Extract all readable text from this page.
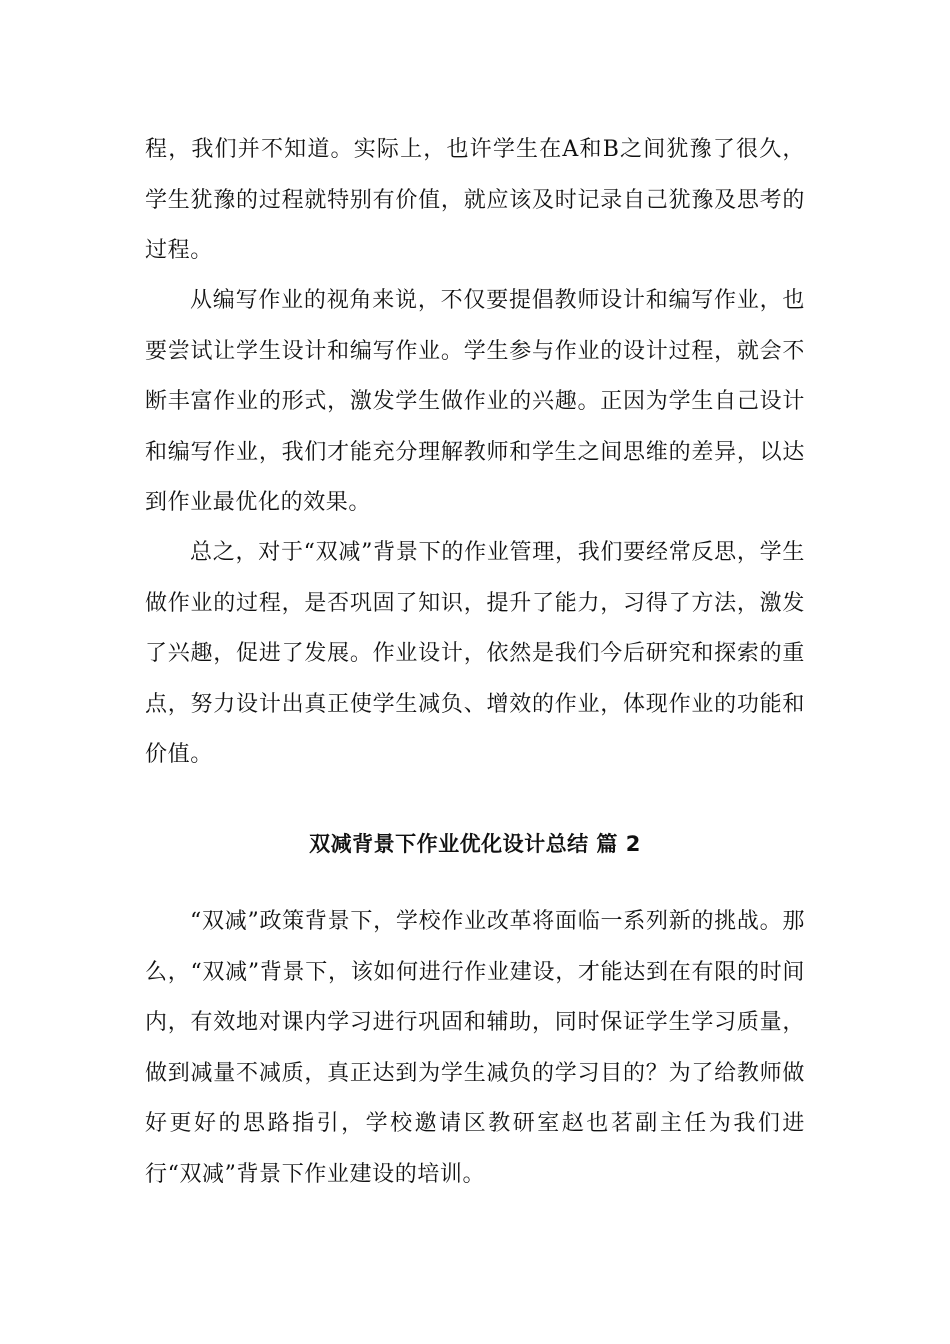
程，我们并不知道。实际上，也许学生在A和B之间犹豫了很久，学生犹豫的过程就特别有价值，就应该及时记录自己犹豫及思考的过程。

从编写作业的视角来说，不仅要提倡教师设计和编写作业，也要尝试让学生设计和编写作业。学生参与作业的设计过程，就会不断丰富作业的形式，激发学生做作业的兴趣。正因为学生自己设计和编写作业，我们才能充分理解教师和学生之间思维的差异，以达到作业最优化的效果。

总之，对于“双减”背景下的作业管理，我们要经常反思，学生做作业的过程，是否巩固了知识，提升了能力，习得了方法，激发了兴趣，促进了发展。作业设计，依然是我们今后研究和探索的重点，努力设计出真正使学生减负、增效的作业，体现作业的功能和价值。

双减背景下作业优化设计总结 篇 2

“双减”政策背景下，学校作业改革将面临一系列新的挑战。那么，“双减”背景下，该如何进行作业建设，才能达到在有限的时间内，有效地对课内学习进行巩固和辅助，同时保证学生学习质量，做到减量不减质，真正达到为学生减负的学习目的？为了给教师做好更好的思路指引，学校邀请区教研室赵也茗副主任为我们进行“双减”背景下作业建设的培训。
